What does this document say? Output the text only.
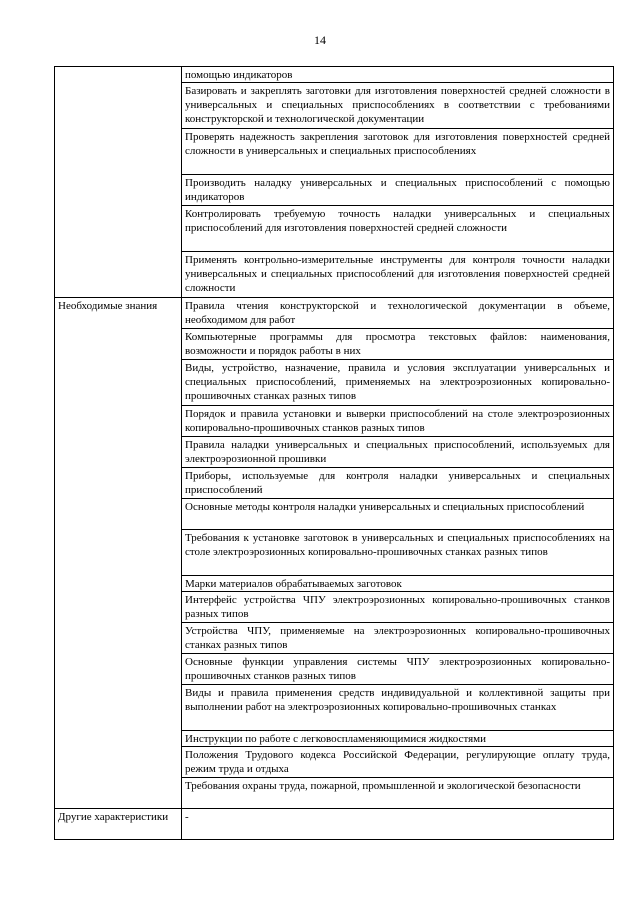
14
	помощью индикаторов
	Базировать и закреплять заготовки для изготовления поверхностей средней сложности в универсальных и специальных приспособлениях в соответствии с требованиями конструкторской и технологической документации
	Проверять надежность закрепления заготовок для изготовления поверхностей средней сложности в универсальных и специальных приспособлениях
	Производить наладку универсальных и специальных приспособлений с помощью индикаторов
	Контролировать требуемую точность наладки универсальных и специальных приспособлений для изготовления поверхностей средней сложности
	Применять контрольно-измерительные инструменты для контроля точности наладки универсальных и специальных приспособлений для изготовления поверхностей средней сложности
Необходимые знания	Правила чтения конструкторской и технологической документации в объеме, необходимом для работ
	Компьютерные программы для просмотра текстовых файлов: наименования, возможности и порядок работы в них
	Виды, устройство, назначение, правила и условия эксплуатации универсальных и специальных приспособлений, применяемых на электроэрозионных копировально-прошивочных станках разных типов
	Порядок и правила установки и выверки приспособлений на столе электроэрозионных копировально-прошивочных станков разных типов
	Правила наладки универсальных и специальных приспособлений, используемых для электроэрозионной прошивки
	Приборы, используемые для контроля наладки универсальных и специальных приспособлений
	Основные методы контроля наладки универсальных и специальных приспособлений
	Требования к установке заготовок в универсальных и специальных приспособлениях на столе электроэрозионных копировально-прошивочных станках разных типов
	Марки материалов обрабатываемых заготовок
	Интерфейс устройства ЧПУ электроэрозионных копировально-прошивочных станков разных типов
	Устройства ЧПУ, применяемые на электроэрозионных копировально-прошивочных станках разных типов
	Основные функции управления системы ЧПУ электроэрозионных копировально-прошивочных станков разных типов
	Виды и правила применения средств индивидуальной и коллективной защиты при выполнении работ на электроэрозионных копировально-прошивочных станках
	Инструкции по работе с легковоспламеняющимися жидкостями
	Положения Трудового кодекса Российской Федерации, регулирующие оплату труда, режим труда и отдыха
	Требования охраны труда, пожарной, промышленной и экологической безопасности
Другие характеристики	-
